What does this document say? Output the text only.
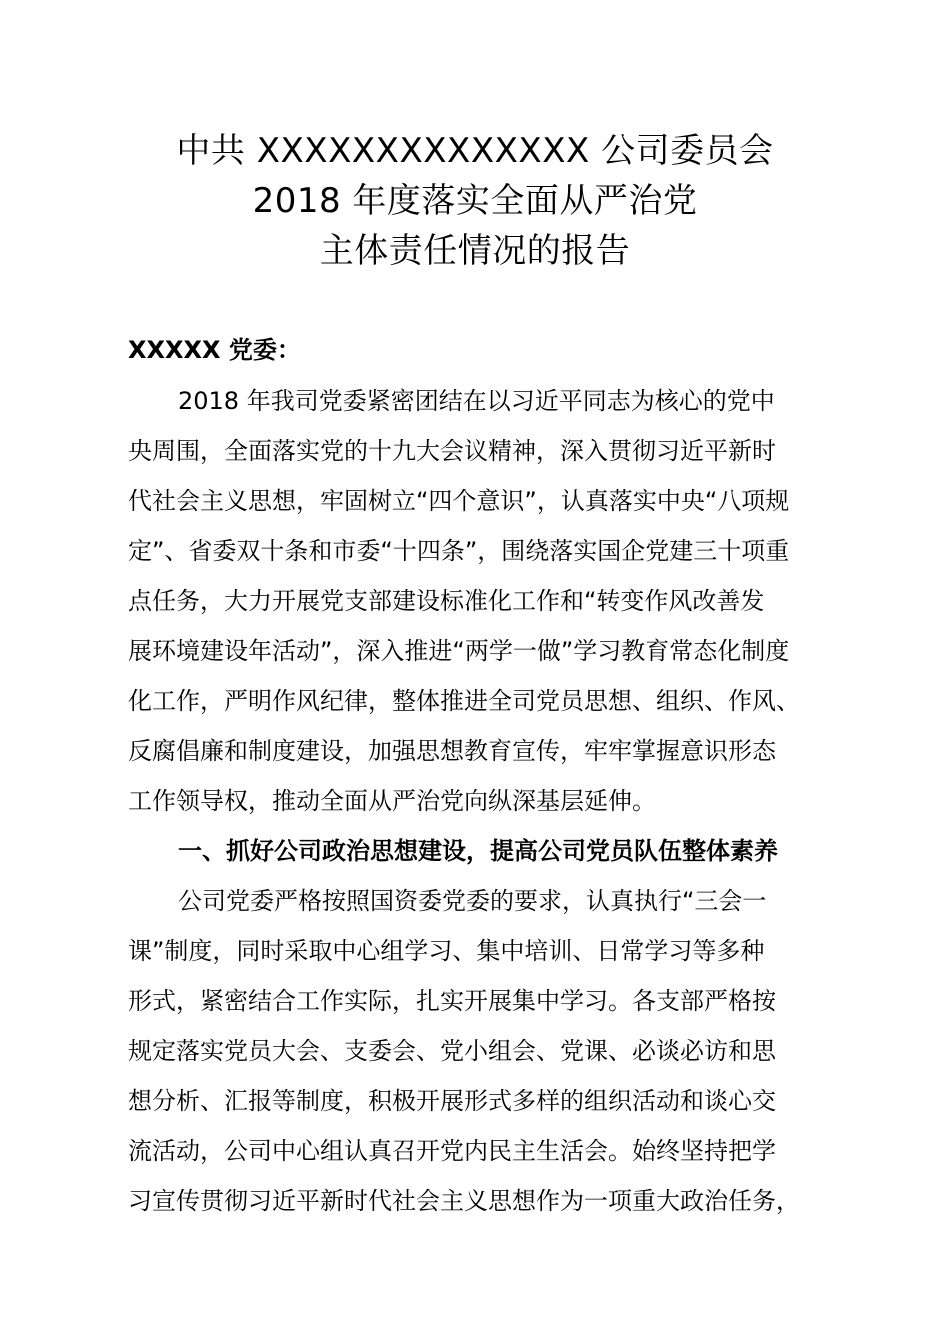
中共 XXXXXXXXXXXXXX 公司委员会
2018 年度落实全面从严治党
主体责任情况的报告
XXXXX 党委：
2018 年我司党委紧密团结在以习近平同志为核心的党中
央周围，全面落实党的十九大会议精神，深入贯彻习近平新时
代社会主义思想，牢固树立“四个意识”，认真落实中央“八项规
定”、省委双十条和市委“十四条”，围绕落实国企党建三十项重
点任务，大力开展党支部建设标准化工作和“转变作风改善发
展环境建设年活动”，深入推进“两学一做”学习教育常态化制度
化工作，严明作风纪律，整体推进全司党员思想、组织、作风、
反腐倡廉和制度建设，加强思想教育宣传，牢牢掌握意识形态
工作领导权，推动全面从严治党向纵深基层延伸。
一、抓好公司政治思想建设，提高公司党员队伍整体素养
公司党委严格按照国资委党委的要求，认真执行“三会一
课”制度，同时采取中心组学习、集中培训、日常学习等多种
形式，紧密结合工作实际，扎实开展集中学习。各支部严格按
规定落实党员大会、支委会、党小组会、党课、必谈必访和思
想分析、汇报等制度，积极开展形式多样的组织活动和谈心交
流活动，公司中心组认真召开党内民主生活会。始终坚持把学
习宣传贯彻习近平新时代社会主义思想作为一项重大政治任务，
